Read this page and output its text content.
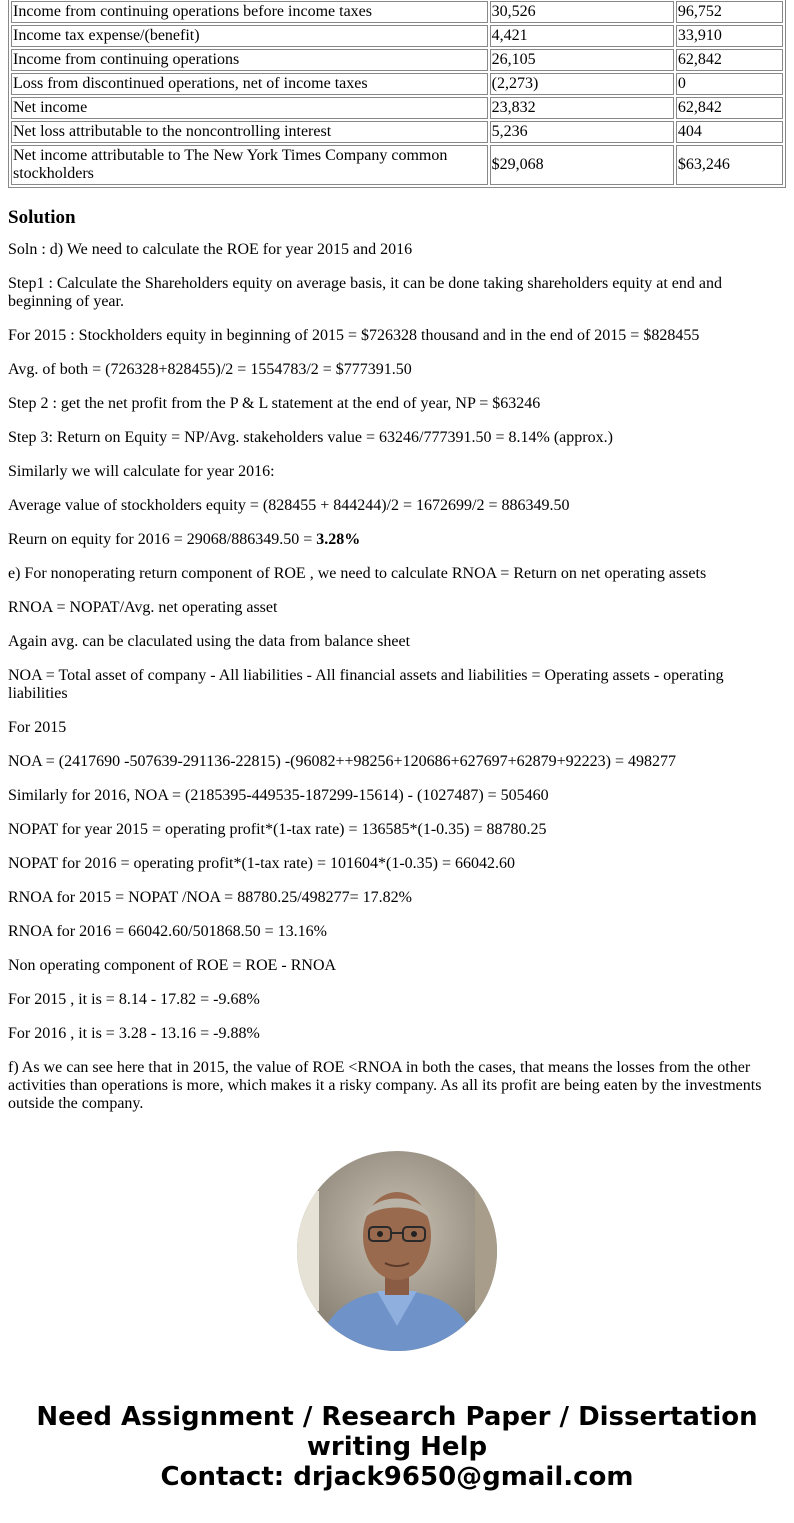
Income from continuing operations before income taxes	30,526	96,752
Income tax expense/(benefit)	4,421	33,910
Income from continuing operations	26,105	62,842
Loss from discontinued operations, net of income taxes	(2,273)	0
Net income	23,832	62,842
Net loss attributable to the noncontrolling interest	5,236	404
Net income attributable to The New York Times Company common stockholders	$29,068	$63,246
Solution

Soln : d) We need to calculate the ROE for year 2015 and 2016

Step1 : Calculate the Shareholders equity on average basis, it can be done taking shareholders equity at end and beginning of year.

For 2015 : Stockholders equity in beginning of 2015 = $726328 thousand and in the end of 2015 = $828455

Avg. of both = (726328+828455)/2 = 1554783/2 = $777391.50

Step 2 : get the net profit from the P & L statement at the end of year, NP = $63246

Step 3: Return on Equity = NP/Avg. stakeholders value = 63246/777391.50 = 8.14% (approx.)

Similarly we will calculate for year 2016:

Average value of stockholders equity = (828455 + 844244)/2 = 1672699/2 = 886349.50

Reurn on equity for 2016 = 29068/886349.50 = 3.28%

e) For nonoperating return component of ROE , we need to calculate RNOA = Return on net operating assets

RNOA = NOPAT/Avg. net operating asset

Again avg. can be claculated using the data from balance sheet

NOA = Total asset of company - All liabilities - All financial assets and liabilities = Operating assets - operating liabilities

For 2015

NOA = (2417690 -507639-291136-22815) -(96082++98256+120686+627697+62879+92223) = 498277

Similarly for 2016, NOA = (2185395-449535-187299-15614) - (1027487) = 505460

NOPAT for year 2015 = operating profit*(1-tax rate) = 136585*(1-0.35) = 88780.25

NOPAT for 2016 = operating profit*(1-tax rate) = 101604*(1-0.35) = 66042.60

RNOA for 2015 = NOPAT /NOA = 88780.25/498277= 17.82%

RNOA for 2016 = 66042.60/501868.50 = 13.16%

Non operating component of ROE = ROE - RNOA

For 2015 , it is = 8.14 - 17.82 = -9.68%

For 2016 , it is = 3.28 - 13.16 = -9.88%

f) As we can see here that in 2015, the value of ROE <RNOA in both the cases, that means the losses from the other activities than operations is more, which makes it a risky company. As all its profit are being eaten by the investments outside the company.

Need Assignment / Research Paper / Dissertation
writing Help
Contact: drjack9650@gmail.com
